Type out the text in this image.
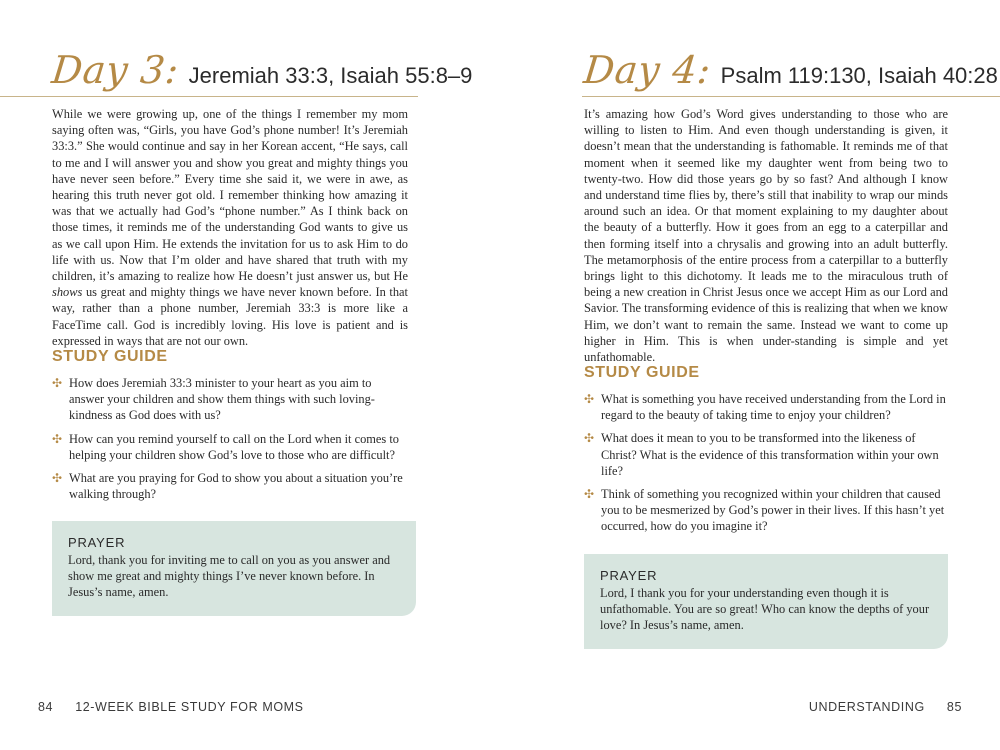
Day 3: Jeremiah 33:3, Isaiah 55:8–9

While we were growing up, one of the things I remember my mom saying often was, “Girls, you have God’s phone number! It’s Jeremiah 33:3.” She would continue and say in her Korean accent, “He says, call to me and I will answer you and show you great and mighty things you have never seen before.” Every time she said it, we were in awe, as hearing this truth never got old. I remember thinking how amazing it was that we actually had God’s “phone number.” As I think back on those times, it reminds me of the understanding God wants to give us as we call upon Him. He extends the invitation for us to ask Him to do life with us. Now that I’m older and have shared that truth with my children, it’s amazing to realize how He doesn’t just answer us, but He shows us great and mighty things we have never known before. In that way, rather than a phone number, Jeremiah 33:3 is more like a FaceTime call. God is incredibly loving. His love is patient and is expressed in ways that are not our own.

STUDY GUIDE
✣ How does Jeremiah 33:3 minister to your heart as you aim to answer your children and show them things with such loving-kindness as God does with us?
✣ How can you remind yourself to call on the Lord when it comes to helping your children show God’s love to those who are difficult?
✣ What are you praying for God to show you about a situation you’re walking through?

PRAYER

Lord, thank you for inviting me to call on you as you answer and show me great and mighty things I’ve never known before. In Jesus’s name, amen.

84 12-WEEK BIBLE STUDY FOR MOMS
Day 4: Psalm 119:130, Isaiah 40:28

It’s amazing how God’s Word gives understanding to those who are willing to listen to Him. And even though understanding is given, it doesn’t mean that the understanding is fathomable. It reminds me of that moment when it seemed like my daughter went from being two to twenty-two. How did those years go by so fast? And although I know and understand time flies by, there’s still that inability to wrap our minds around such an idea. Or that moment explaining to my daughter about the beauty of a butterfly. How it goes from an egg to a caterpillar and then forming itself into a chrysalis and growing into an adult butterfly. The metamorphosis of the entire process from a caterpillar to a butterfly brings light to this dichotomy. It leads me to the miraculous truth of being a new creation in Christ Jesus once we accept Him as our Lord and Savior. The transforming evidence of this is realizing that when we know Him, we don’t want to remain the same. Instead we want to come up higher in Him. This is when under-standing is simple and yet unfathomable.

STUDY GUIDE
✣ What is something you have received understanding from the Lord in regard to the beauty of taking time to enjoy your children?
✣ What does it mean to you to be transformed into the likeness of Christ? What is the evidence of this transformation within your own life?
✣ Think of something you recognized within your children that caused you to be mesmerized by God’s power in their lives. If this hasn’t yet occurred, how do you imagine it?

PRAYER

Lord, I thank you for your understanding even though it is unfathomable. You are so great! Who can know the depths of your love? In Jesus’s name, amen.

UNDERSTANDING 85
